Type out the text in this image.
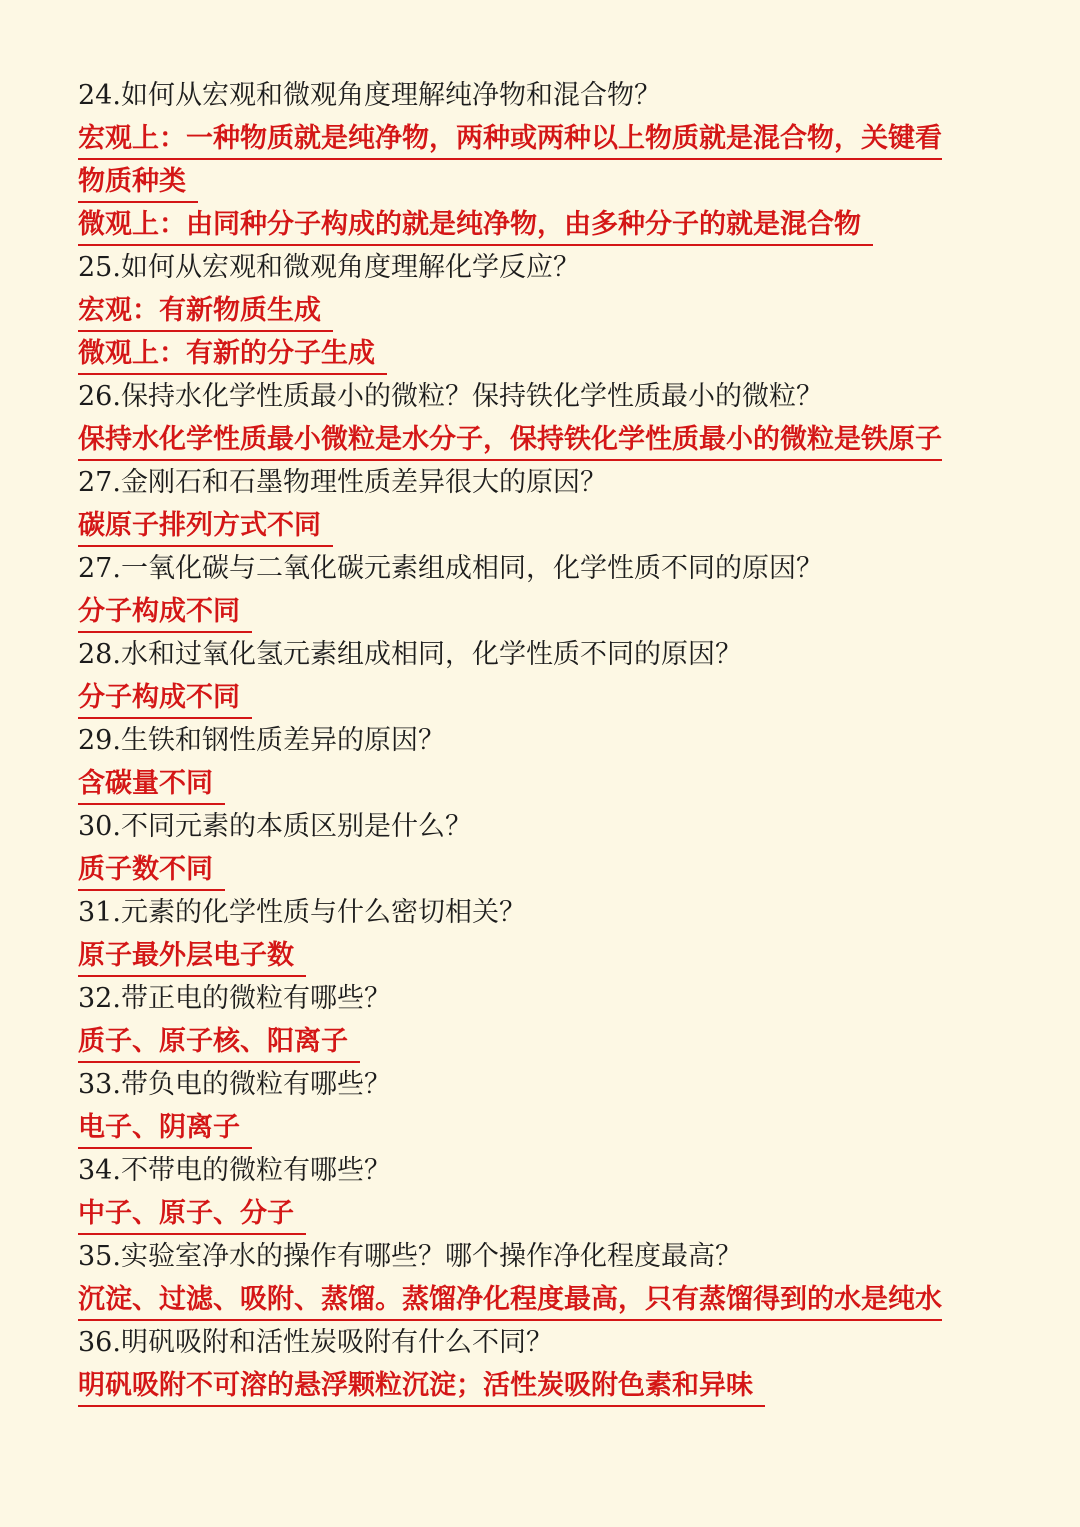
24.如何从宏观和微观角度理解纯净物和混合物？
宏观上：一种物质就是纯净物，两种或两种以上物质就是混合物，关键看
物质种类
微观上：由同种分子构成的就是纯净物，由多种分子的就是混合物
25.如何从宏观和微观角度理解化学反应？
宏观：有新物质生成
微观上：有新的分子生成
26.保持水化学性质最小的微粒？保持铁化学性质最小的微粒？
保持水化学性质最小微粒是水分子，保持铁化学性质最小的微粒是铁原子
27.金刚石和石墨物理性质差异很大的原因？
碳原子排列方式不同
27.一氧化碳与二氧化碳元素组成相同，化学性质不同的原因？
分子构成不同
28.水和过氧化氢元素组成相同，化学性质不同的原因？
分子构成不同
29.生铁和钢性质差异的原因？
含碳量不同
30.不同元素的本质区别是什么？
质子数不同
31.元素的化学性质与什么密切相关？
原子最外层电子数
32.带正电的微粒有哪些？
质子、原子核、阳离子
33.带负电的微粒有哪些？
电子、阴离子
34.不带电的微粒有哪些？
中子、原子、分子
35.实验室净水的操作有哪些？哪个操作净化程度最高？
沉淀、过滤、吸附、蒸馏。蒸馏净化程度最高，只有蒸馏得到的水是纯水
36.明矾吸附和活性炭吸附有什么不同？
明矾吸附不可溶的悬浮颗粒沉淀；活性炭吸附色素和异味
